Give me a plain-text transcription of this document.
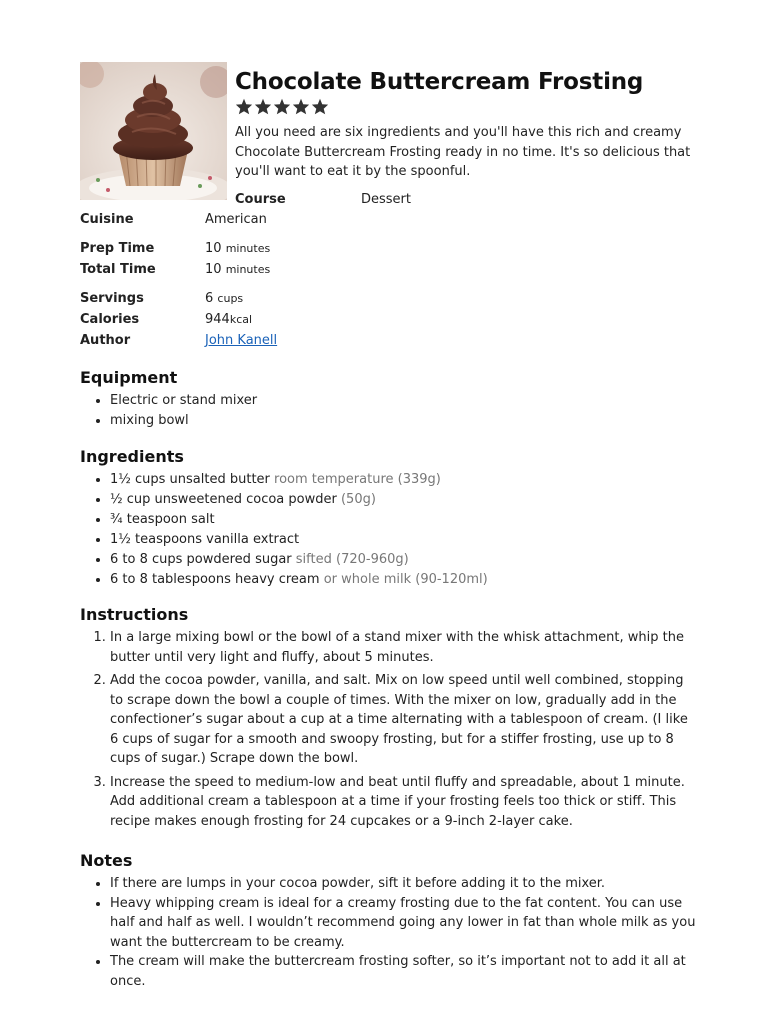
Chocolate Buttercream Frosting
All you need are six ingredients and you'll have this rich and creamy Chocolate Buttercream Frosting ready in no time. It's so delicious that you'll want to eat it by the spoonful.
Course	Dessert
Cuisine	American
Prep Time	10 minutes
Total Time	10 minutes
Servings	6 cups
Calories	944kcal
Author	John Kanell
Equipment
• Electric or stand mixer
• mixing bowl
Ingredients
• 1½ cups unsalted butter room temperature (339g)
• ½ cup unsweetened cocoa powder (50g)
• ¾ teaspoon salt
• 1½ teaspoons vanilla extract
• 6 to 8 cups powdered sugar sifted (720-960g)
• 6 to 8 tablespoons heavy cream or whole milk (90-120ml)
Instructions
1. In a large mixing bowl or the bowl of a stand mixer with the whisk attachment, whip the butter until very light and fluffy, about 5 minutes.
2. Add the cocoa powder, vanilla, and salt. Mix on low speed until well combined, stopping to scrape down the bowl a couple of times. With the mixer on low, gradually add in the confectioner’s sugar about a cup at a time alternating with a tablespoon of cream. (I like 6 cups of sugar for a smooth and swoopy frosting, but for a stiffer frosting, use up to 8 cups of sugar.) Scrape down the bowl.
3. Increase the speed to medium-low and beat until fluffy and spreadable, about 1 minute. Add additional cream a tablespoon at a time if your frosting feels too thick or stiff. This recipe makes enough frosting for 24 cupcakes or a 9-inch 2-layer cake.
Notes
• If there are lumps in your cocoa powder, sift it before adding it to the mixer.
• Heavy whipping cream is ideal for a creamy frosting due to the fat content. You can use half and half as well. I wouldn’t recommend going any lower in fat than whole milk as you want the buttercream to be creamy.
• The cream will make the buttercream frosting softer, so it’s important not to add it all at once.
